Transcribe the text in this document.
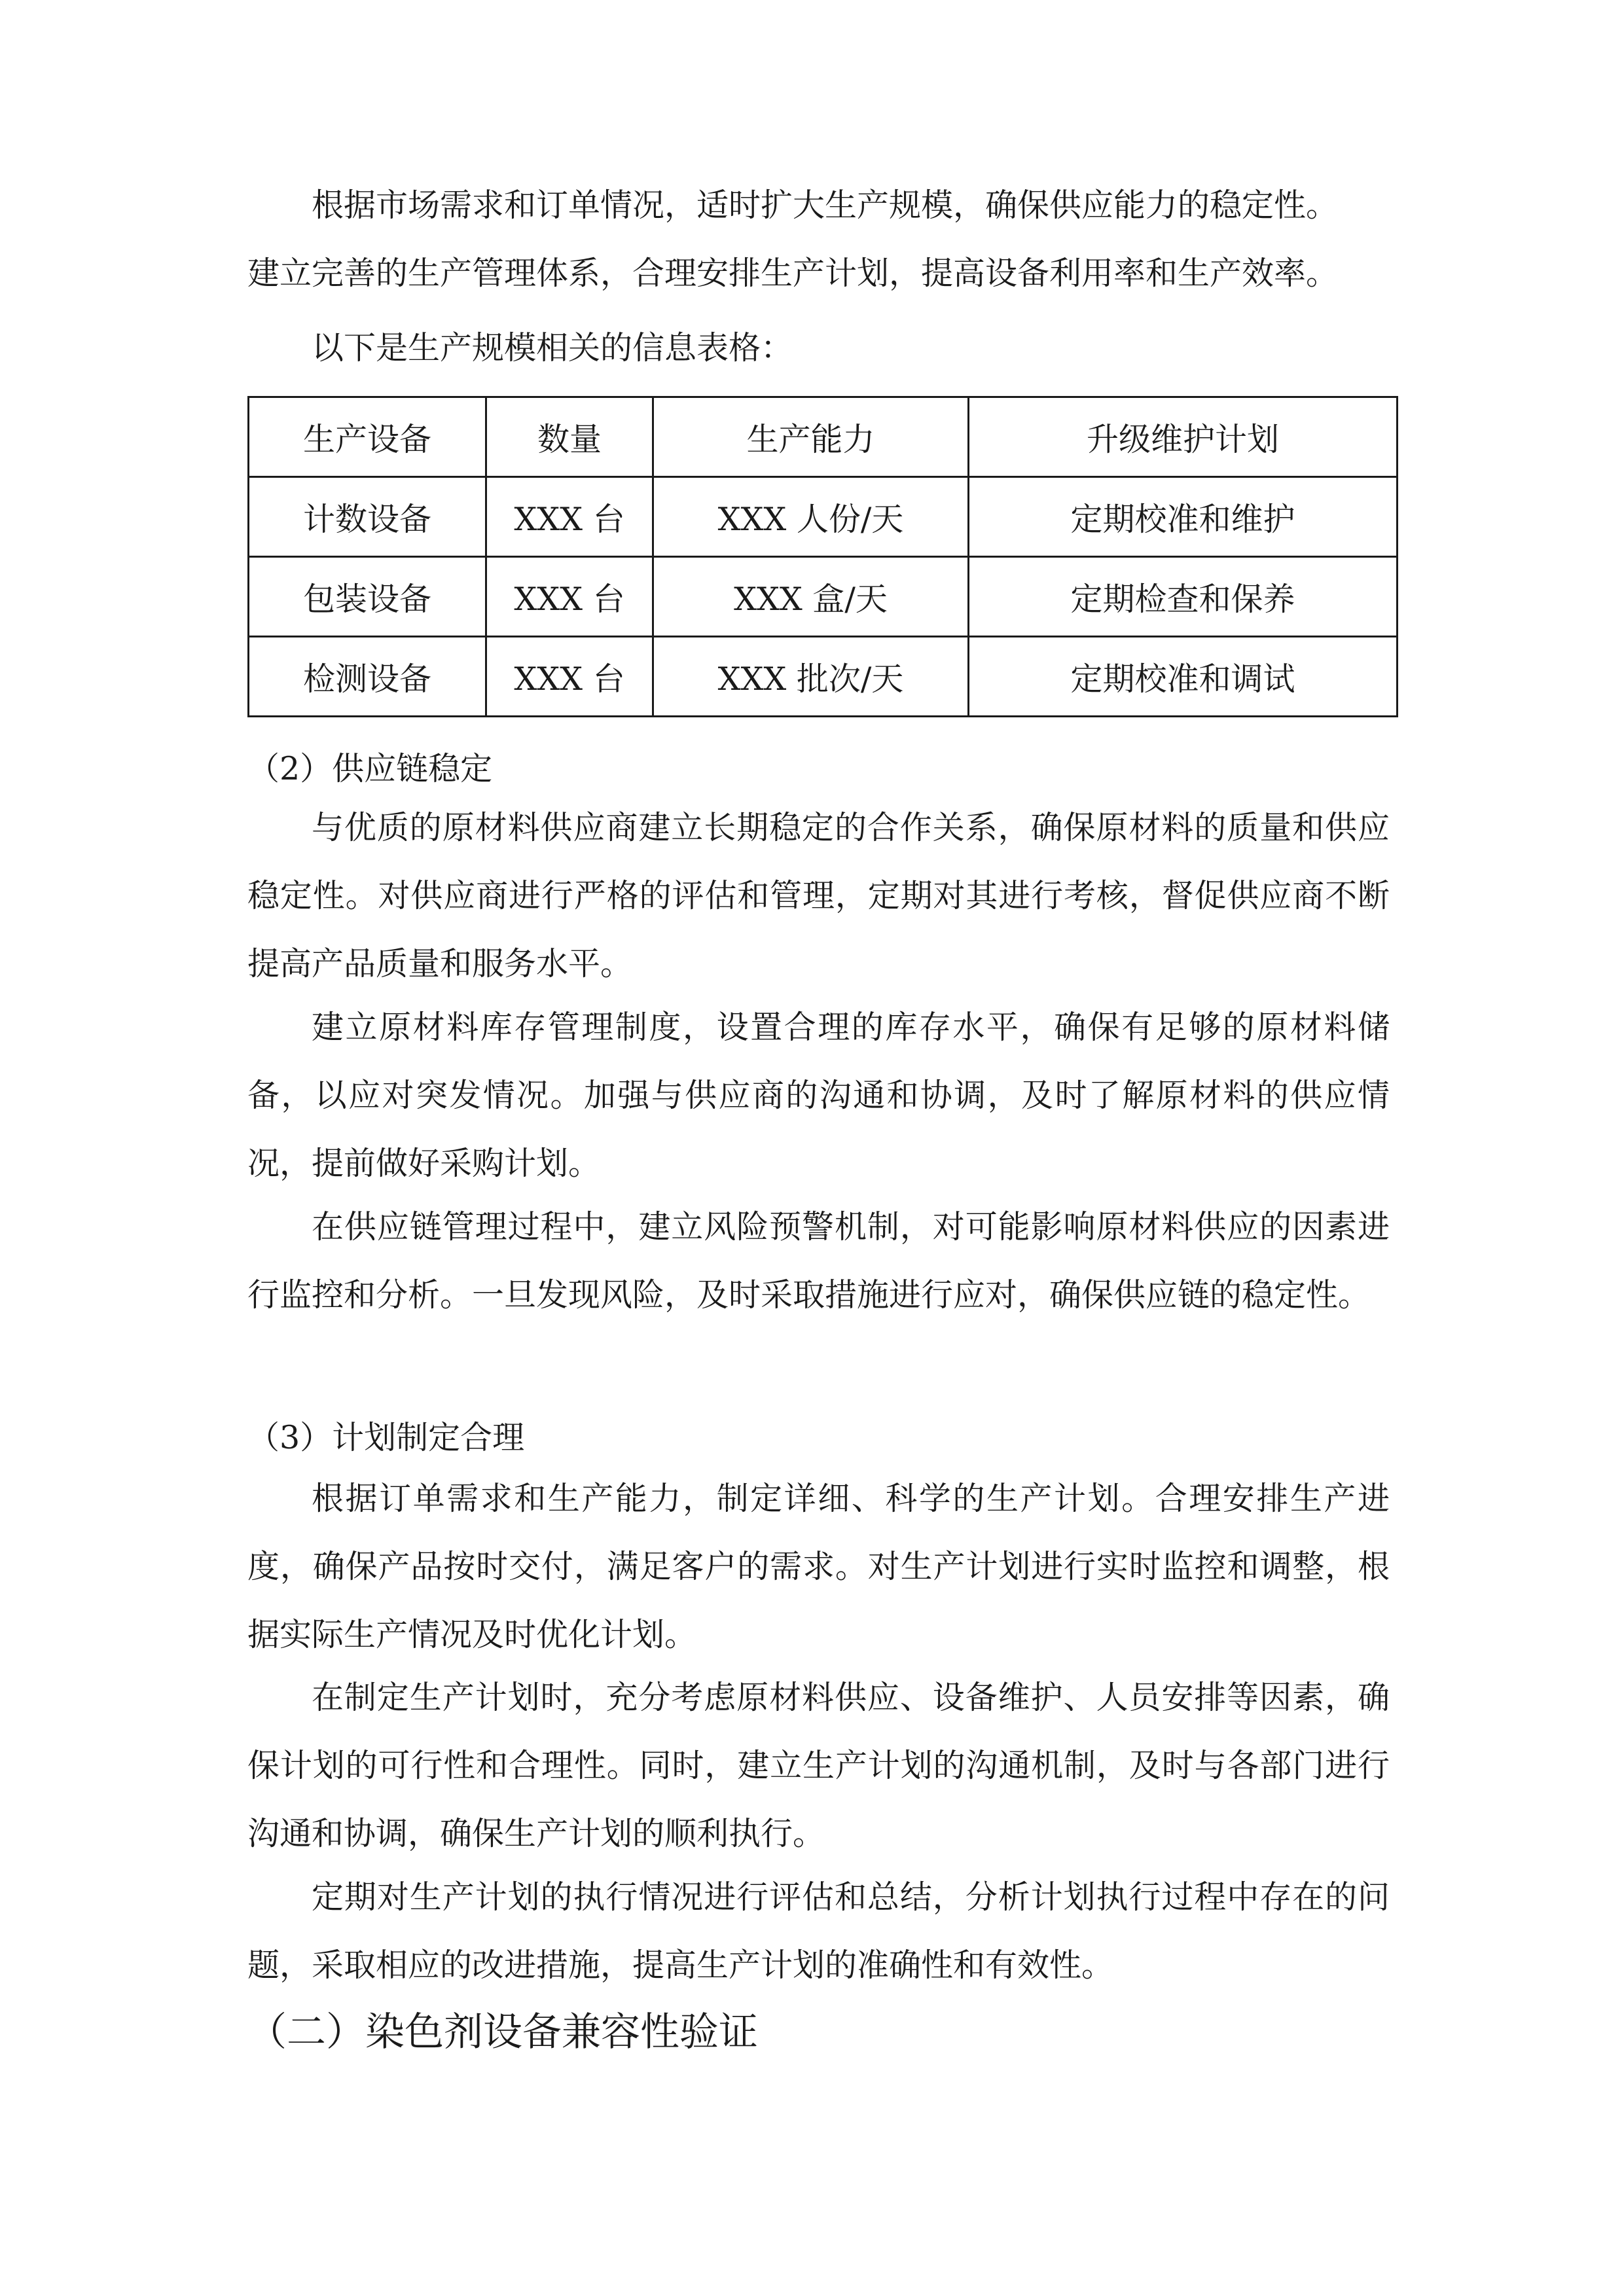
根据市场需求和订单情况，适时扩大生产规模，确保供应能力的稳定性。

建立完善的生产管理体系，合理安排生产计划，提高设备利用率和生产效率。

以下是生产规模相关的信息表格：

生产设备	数量	生产能力	升级维护计划
计数设备	XXX 台	XXX 人份/天	定期校准和维护
包装设备	XXX 台	XXX 盒/天	定期检查和保养
检测设备	XXX 台	XXX 批次/天	定期校准和调试

（2）供应链稳定

与优质的原材料供应商建立长期稳定的合作关系，确保原材料的质量和供应稳定性。对供应商进行严格的评估和管理，定期对其进行考核，督促供应商不断提高产品质量和服务水平。

建立原材料库存管理制度，设置合理的库存水平，确保有足够的原材料储备，以应对突发情况。加强与供应商的沟通和协调，及时了解原材料的供应情况，提前做好采购计划。

在供应链管理过程中，建立风险预警机制，对可能影响原材料供应的因素进行监控和分析。一旦发现风险，及时采取措施进行应对，确保供应链的稳定性。

（3）计划制定合理

根据订单需求和生产能力，制定详细、科学的生产计划。合理安排生产进度，确保产品按时交付，满足客户的需求。对生产计划进行实时监控和调整，根据实际生产情况及时优化计划。

在制定生产计划时，充分考虑原材料供应、设备维护、人员安排等因素，确保计划的可行性和合理性。同时，建立生产计划的沟通机制，及时与各部门进行沟通和协调，确保生产计划的顺利执行。

定期对生产计划的执行情况进行评估和总结，分析计划执行过程中存在的问题，采取相应的改进措施，提高生产计划的准确性和有效性。

（二）染色剂设备兼容性验证
